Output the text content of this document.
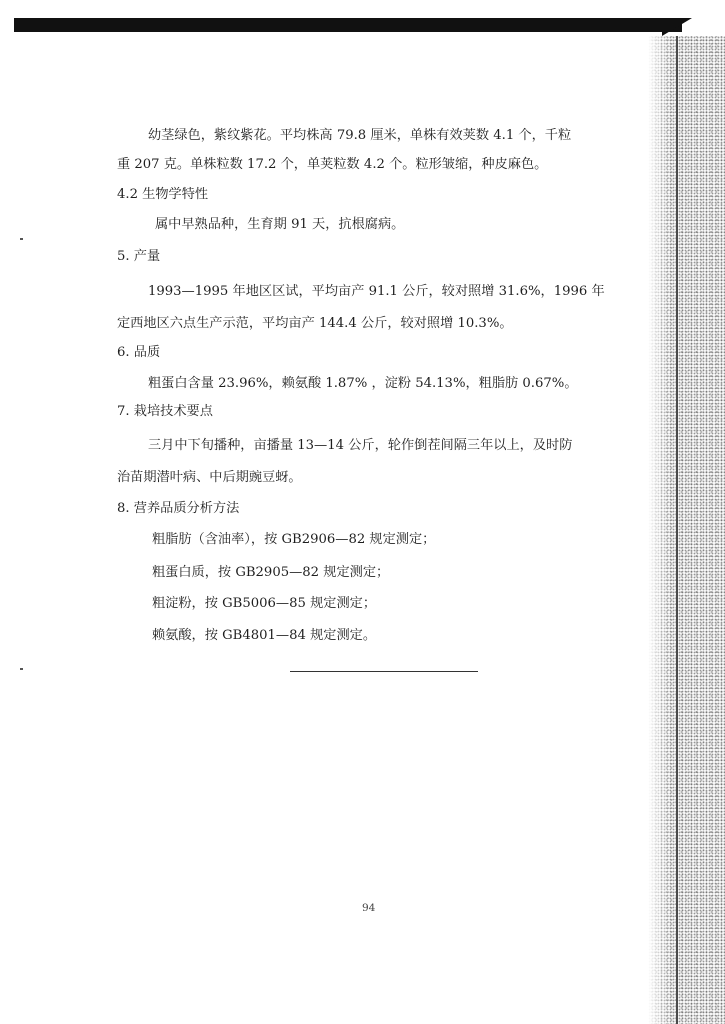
幼茎绿色，紫纹紫花。平均株高 79.8 厘米，单株有效荚数 4.1 个，千粒
重 207 克。单株粒数 17.2 个，单荚粒数 4.2 个。粒形皱缩，种皮麻色。
4.2 生物学特性
属中早熟品种，生育期 91 天，抗根腐病。
5. 产量
1993—1995 年地区区试，平均亩产 91.1 公斤，较对照增 31.6%，1996 年
定西地区六点生产示范，平均亩产 144.4 公斤，较对照增 10.3%。
6. 品质
粗蛋白含量 23.96%，赖氨酸 1.87% ，淀粉 54.13%，粗脂肪 0.67%。
7. 栽培技术要点
三月中下旬播种，亩播量 13—14 公斤，轮作倒茬间隔三年以上，及时防
治苗期潜叶病、中后期豌豆蚜。
8. 营养品质分析方法
粗脂肪（含油率），按 GB2906—82 规定测定；
粗蛋白质，按 GB2905—82 规定测定；
粗淀粉，按 GB5006—85 规定测定；
赖氨酸，按 GB4801—84 规定测定。
94
